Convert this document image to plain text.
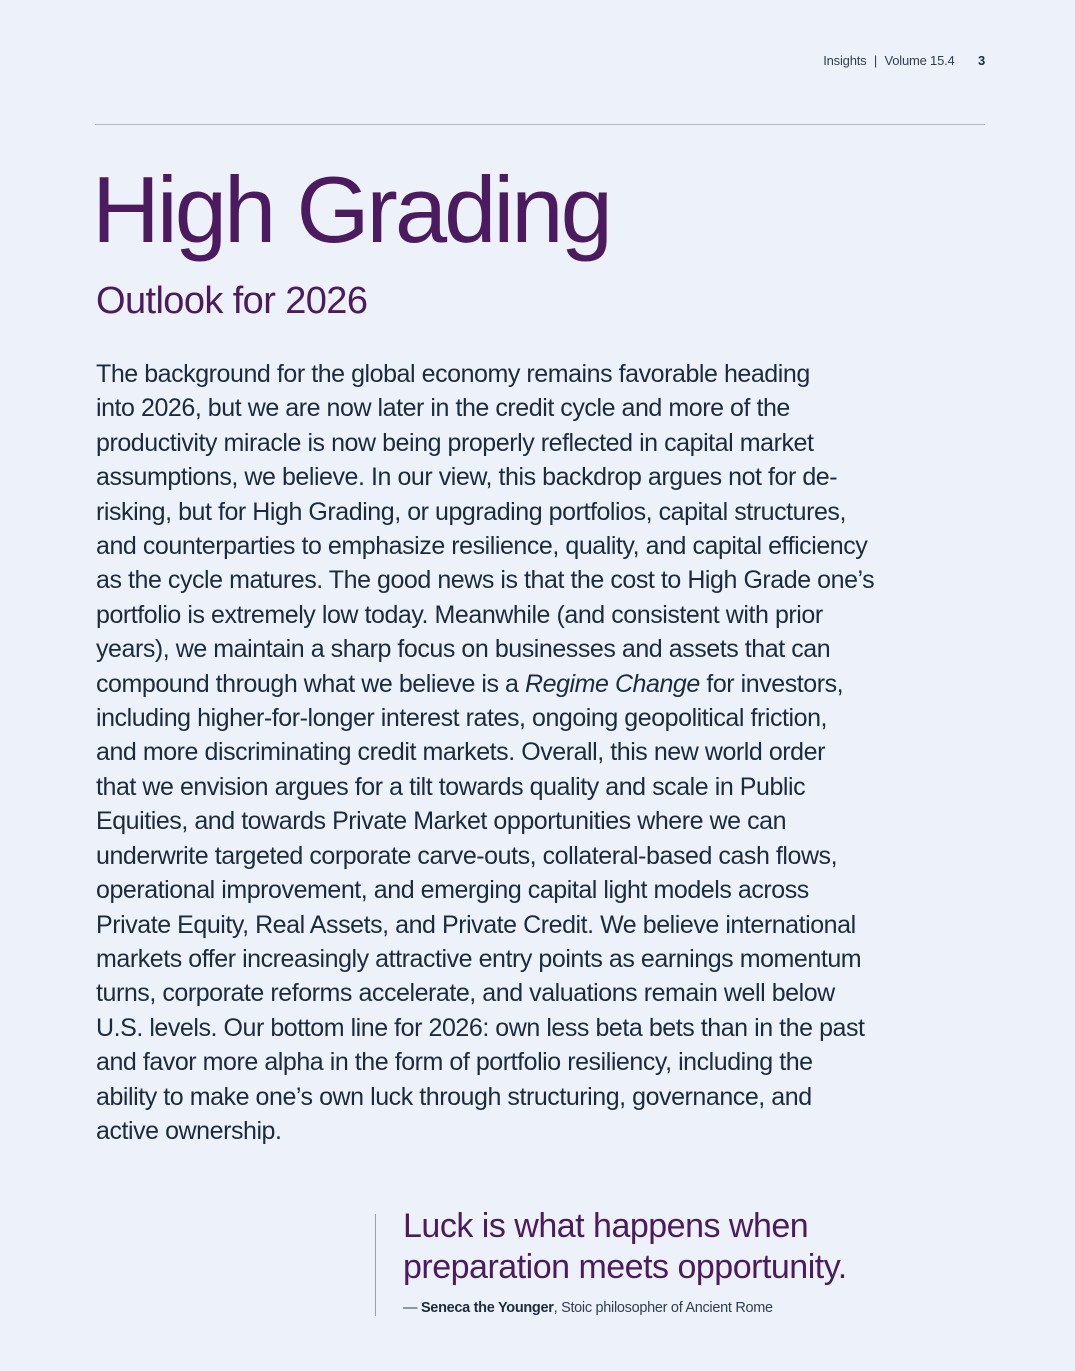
Insights | Volume 15.4 3
High Grading
Outlook for 2026

The background for the global economy remains favorable heading
into 2026, but we are now later in the credit cycle and more of the
productivity miracle is now being properly reflected in capital market
assumptions, we believe. In our view, this backdrop argues not for de-
risking, but for High Grading, or upgrading portfolios, capital structures,
and counterparties to emphasize resilience, quality, and capital efficiency
as the cycle matures. The good news is that the cost to High Grade one’s
portfolio is extremely low today. Meanwhile (and consistent with prior
years), we maintain a sharp focus on businesses and assets that can
compound through what we believe is a Regime Change for investors,
including higher-for-longer interest rates, ongoing geopolitical friction,
and more discriminating credit markets. Overall, this new world order
that we envision argues for a tilt towards quality and scale in Public
Equities, and towards Private Market opportunities where we can
underwrite targeted corporate carve-outs, collateral-based cash flows,
operational improvement, and emerging capital light models across
Private Equity, Real Assets, and Private Credit. We believe international
markets offer increasingly attractive entry points as earnings momentum
turns, corporate reforms accelerate, and valuations remain well below
U.S. levels. Our bottom line for 2026: own less beta bets than in the past
and favor more alpha in the form of portfolio resiliency, including the
ability to make one’s own luck through structuring, governance, and
active ownership.

Luck is what happens when
preparation meets opportunity.

— Seneca the Younger, Stoic philosopher of Ancient Rome
